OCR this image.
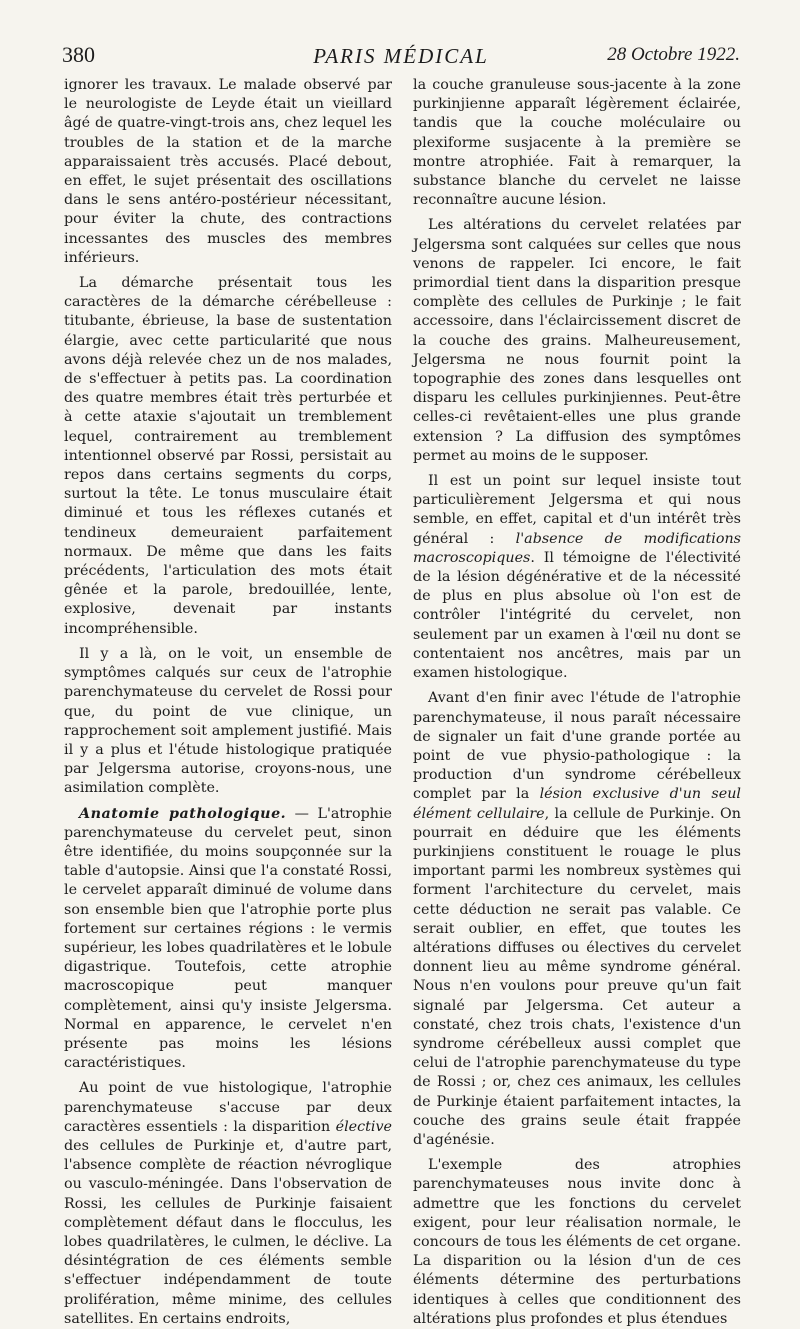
380	PARIS MÉDICAL	28 Octobre 1922.

ignorer les travaux. Le malade observé par le neurologiste de Leyde était un vieillard âgé de quatre-vingt-trois ans, chez lequel les troubles de la station et de la marche apparaissaient très accusés. Placé debout, en effet, le sujet présentait des oscillations dans le sens antéro-postérieur nécessitant, pour éviter la chute, des contractions incessantes des muscles des membres inférieurs.

La démarche présentait tous les caractères de la démarche cérébelleuse : titubante, ébrieuse, la base de sustentation élargie, avec cette particularité que nous avons déjà relevée chez un de nos malades, de s'effectuer à petits pas. La coordination des quatre membres était très perturbée et à cette ataxie s'ajoutait un tremblement lequel, contrairement au tremblement intentionnel observé par Rossi, persistait au repos dans certains segments du corps, surtout la tête. Le tonus musculaire était diminué et tous les réflexes cutanés et tendineux demeuraient parfaitement normaux. De même que dans les faits précédents, l'articulation des mots était gênée et la parole, bredouillée, lente, explosive, devenait par instants incompréhensible.

Il y a là, on le voit, un ensemble de symptômes calqués sur ceux de l'atrophie parenchymateuse du cervelet de Rossi pour que, du point de vue clinique, un rapprochement soit amplement justifié. Mais il y a plus et l'étude histologique pratiquée par Jelgersma autorise, croyons-nous, une asimilation complète.

Anatomie pathologique. — L'atrophie parenchymateuse du cervelet peut, sinon être identifiée, du moins soupçonnée sur la table d'autopsie. Ainsi que l'a constaté Rossi, le cervelet apparaît diminué de volume dans son ensemble bien que l'atrophie porte plus fortement sur certaines régions : le vermis supérieur, les lobes quadrilatères et le lobule digastrique. Toutefois, cette atrophie macroscopique peut manquer complètement, ainsi qu'y insiste Jelgersma. Normal en apparence, le cervelet n'en présente pas moins les lésions caractéristiques.

Au point de vue histologique, l'atrophie parenchymateuse s'accuse par deux caractères essentiels : la disparition élective des cellules de Purkinje et, d'autre part, l'absence complète de réaction névroglique ou vasculo-méningée. Dans l'observation de Rossi, les cellules de Purkinje faisaient complètement défaut dans le flocculus, les lobes quadrilatères, le culmen, le déclive. La désintégration de ces éléments semble s'effectuer indépendamment de toute prolifération, même minime, des cellules satellites. En certains endroits,

la couche granuleuse sous-jacente à la zone purkinjienne apparaît légèrement éclairée, tandis que la couche moléculaire ou plexiforme susjacente à la première se montre atrophiée. Fait à remarquer, la substance blanche du cervelet ne laisse reconnaître aucune lésion.

Les altérations du cervelet relatées par Jelgersma sont calquées sur celles que nous venons de rappeler. Ici encore, le fait primordial tient dans la disparition presque complète des cellules de Purkinje ; le fait accessoire, dans l'éclaircissement discret de la couche des grains. Malheureusement, Jelgersma ne nous fournit point la topographie des zones dans lesquelles ont disparu les cellules purkinjiennes. Peut-être celles-ci revêtaient-elles une plus grande extension ? La diffusion des symptômes permet au moins de le supposer.

Il est un point sur lequel insiste tout particulièrement Jelgersma et qui nous semble, en effet, capital et d'un intérêt très général : l'absence de modifications macroscopiques. Il témoigne de l'électivité de la lésion dégénérative et de la nécessité de plus en plus absolue où l'on est de contrôler l'intégrité du cervelet, non seulement par un examen à l'œil nu dont se contentaient nos ancêtres, mais par un examen histologique.

Avant d'en finir avec l'étude de l'atrophie parenchymateuse, il nous paraît nécessaire de signaler un fait d'une grande portée au point de vue physio-pathologique : la production d'un syndrome cérébelleux complet par la lésion exclusive d'un seul élément cellulaire, la cellule de Purkinje. On pourrait en déduire que les éléments purkinjiens constituent le rouage le plus important parmi les nombreux systèmes qui forment l'architecture du cervelet, mais cette déduction ne serait pas valable. Ce serait oublier, en effet, que toutes les altérations diffuses ou électives du cervelet donnent lieu au même syndrome général. Nous n'en voulons pour preuve qu'un fait signalé par Jelgersma. Cet auteur a constaté, chez trois chats, l'existence d'un syndrome cérébelleux aussi complet que celui de l'atrophie parenchymateuse du type de Rossi ; or, chez ces animaux, les cellules de Purkinje étaient parfaitement intactes, la couche des grains seule était frappée d'agénésie.

L'exemple des atrophies parenchymateuses nous invite donc à admettre que les fonctions du cervelet exigent, pour leur réalisation normale, le concours de tous les éléments de cet organe. La disparition ou la lésion d'un de ces éléments détermine des perturbations identiques à celles que conditionnent des altérations plus profondes et plus étendues
